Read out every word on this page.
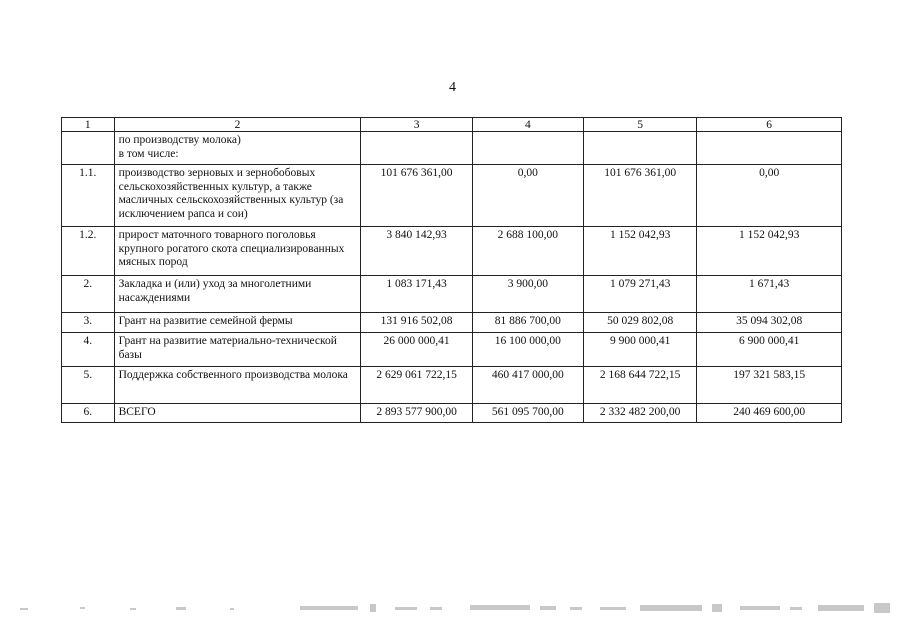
4
1	2	3	4	5	6
	по производству молока)
в том числе:				
1.1.	производство зерновых и зернобобовых сельскохозяйственных культур, а также масличных сельскохозяйственных культур (за исключением рапса и сои)	101 676 361,00	0,00	101 676 361,00	0,00
1.2.	прирост маточного товарного поголовья крупного рогатого скота специализированных мясных пород	3 840 142,93	2 688 100,00	1 152 042,93	1 152 042,93
2.	Закладка и (или) уход за многолетними насаждениями	1 083 171,43	3 900,00	1 079 271,43	1 671,43
3.	Грант на развитие семейной фермы	131 916 502,08	81 886 700,00	50 029 802,08	35 094 302,08
4.	Грант на развитие материально-технической базы	26 000 000,41	16 100 000,00	9 900 000,41	6 900 000,41
5.	Поддержка собственного производства молока	2 629 061 722,15	460 417 000,00	2 168 644 722,15	197 321 583,15
6.	ВСЕГО	2 893 577 900,00	561 095 700,00	2 332 482 200,00	240 469 600,00
